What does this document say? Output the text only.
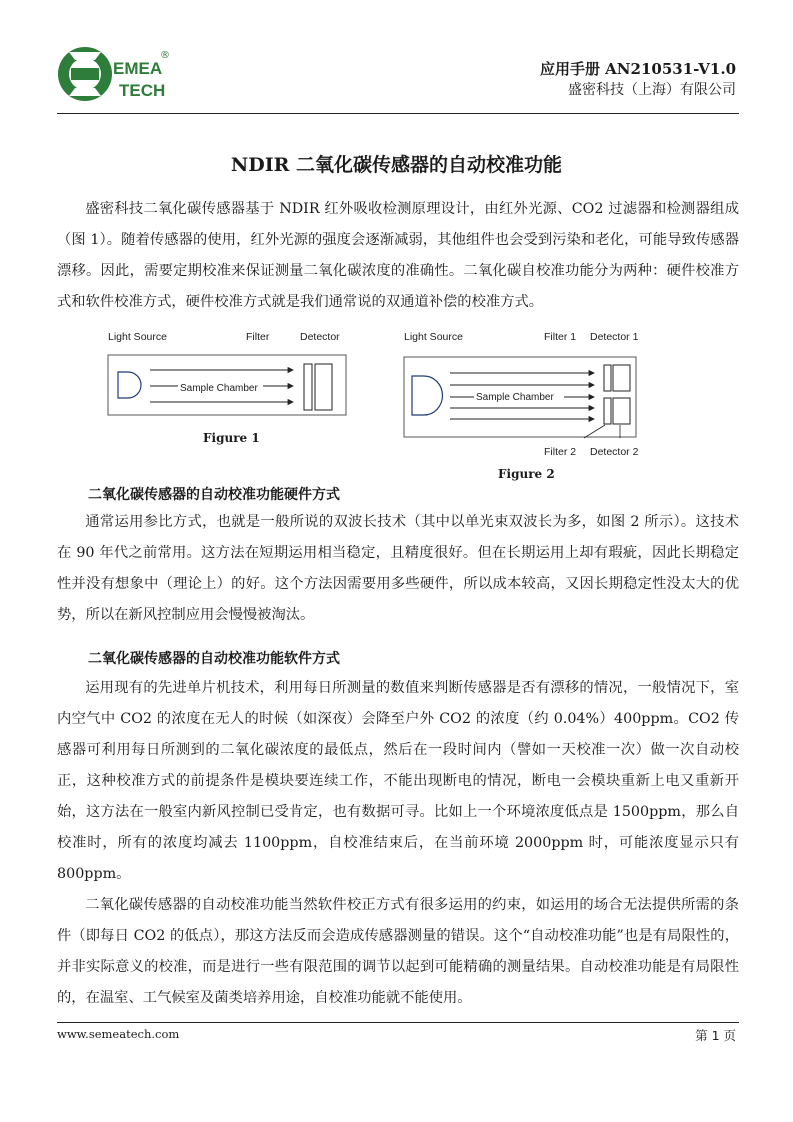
EMEA
TECH
®
应用手册 AN210531-V1.0
盛密科技（上海）有限公司
NDIR 二氧化碳传感器的自动校准功能

盛密科技二氧化碳传感器基于 NDIR 红外吸收检测原理设计，由红外光源、CO2 过滤器和检测器组成（图 1）。随着传感器的使用，红外光源的强度会逐渐减弱，其他组件也会受到污染和老化，可能导致传感器漂移。因此，需要定期校准来保证测量二氧化碳浓度的准确性。二氧化碳自校准功能分为两种：硬件校准方式和软件校准方式，硬件校准方式就是我们通常说的双通道补偿的校准方式。

Light Source	Filter	Detector
Sample Chamber
Figure 1
Light Source	Filter 1 Detector 1
Sample Chamber
Filter 2 Detector 2
Figure 2
二氧化碳传感器的自动校准功能硬件方式

通常运用参比方式，也就是一般所说的双波长技术（其中以单光束双波长为多，如图 2 所示）。这技术在 90 年代之前常用。这方法在短期运用相当稳定，且精度很好。但在长期运用上却有瑕疵，因此长期稳定性并没有想象中（理论上）的好。这个方法因需要用多些硬件，所以成本较高，又因长期稳定性没太大的优势，所以在新风控制应用会慢慢被淘汰。

二氧化碳传感器的自动校准功能软件方式

运用现有的先进单片机技术，利用每日所测量的数值来判断传感器是否有漂移的情况，一般情况下，室内空气中 CO2 的浓度在无人的时候（如深夜）会降至户外 CO2 的浓度（约 0.04%）400ppm。CO2 传感器可利用每日所测到的二氧化碳浓度的最低点，然后在一段时间内（譬如一天校准一次）做一次自动校正，这种校准方式的前提条件是模块要连续工作，不能出现断电的情况，断电一会模块重新上电又重新开始，这方法在一般室内新风控制已受肯定，也有数据可寻。比如上一个环境浓度低点是 1500ppm，那么自校准时，所有的浓度均减去 1100ppm，自校准结束后，在当前环境 2000ppm 时，可能浓度显示只有 800ppm。

二氧化碳传感器的自动校准功能当然软件校正方式有很多运用的约束，如运用的场合无法提供所需的条件（即每日 CO2 的低点），那这方法反而会造成传感器测量的错误。这个“自动校准功能”也是有局限性的，并非实际意义的校准，而是进行一些有限范围的调节以起到可能精确的测量结果。自动校准功能是有局限性的，在温室、工气候室及菌类培养用途，自校准功能就不能使用。

www.semeatech.com	第 1 页
